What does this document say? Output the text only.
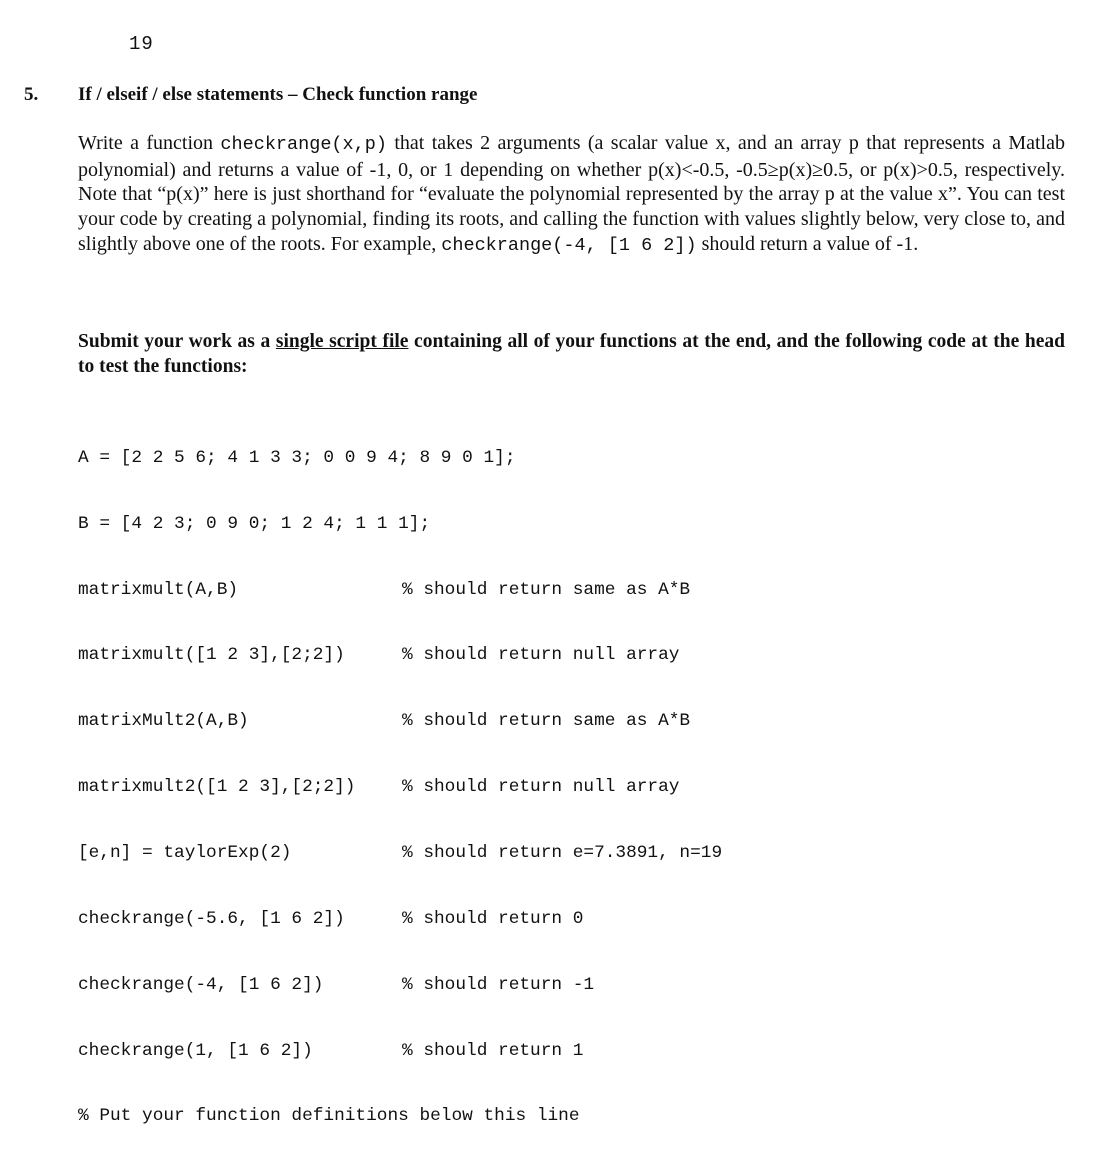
19
5. If / elseif / else statements – Check function range

Write a function checkrange(x,p) that takes 2 arguments (a scalar value x, and an array p that represents a Matlab polynomial) and returns a value of -1, 0, or 1 depending on whether p(x)<-0.5, -0.5≥p(x)≥0.5, or p(x)>0.5, respectively. Note that “p(x)” here is just shorthand for “evaluate the polynomial represented by the array p at the value x”. You can test your code by creating a polynomial, finding its roots, and calling the function with values slightly below, very close to, and slightly above one of the roots. For example, checkrange(-4, [1 6 2]) should return a value of -1.

Submit your work as a single script file containing all of your functions at the end, and the following code at the head to test the functions:

A = [2 2 5 6; 4 1 3 3; 0 0 9 4; 8 9 0 1];

B = [4 2 3; 0 9 0; 1 2 4; 1 1 1];

matrixmult(A,B)	% should return same as A*B

matrixmult([1 2 3],[2;2])	% should return null array

matrixMult2(A,B)	% should return same as A*B

matrixmult2([1 2 3],[2;2])	% should return null array

[e,n] = taylorExp(2)	% should return e=7.3891, n=19

checkrange(-5.6, [1 6 2])	% should return 0

checkrange(-4, [1 6 2])	% should return -1

checkrange(1, [1 6 2])	% should return 1

% Put your function definitions below this line
